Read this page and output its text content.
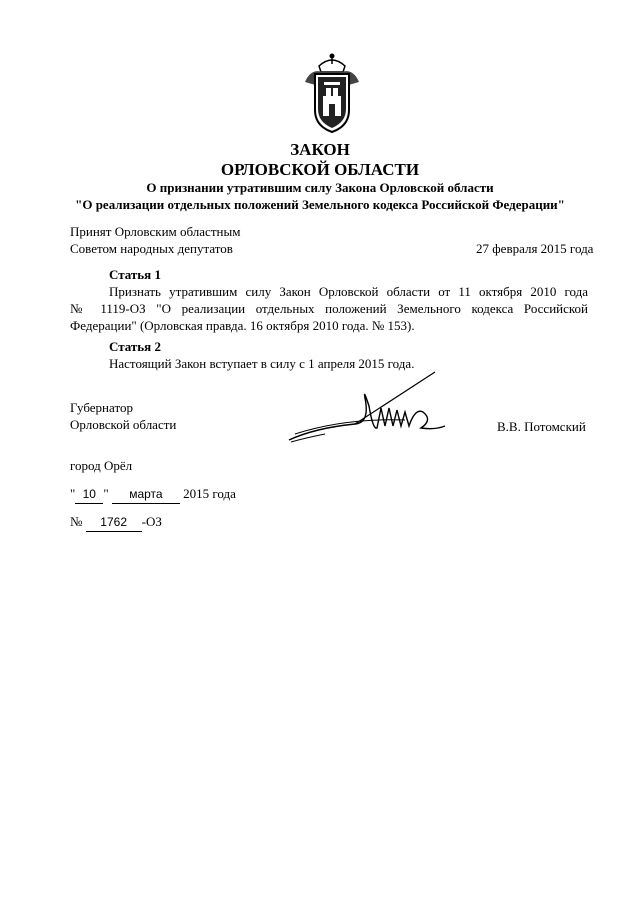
ЗАКОН
ОРЛОВСКОЙ ОБЛАСТИ
О признании утратившим силу Закона Орловской области
"О реализации отдельных положений Земельного кодекса Российской Федерации"
Принят Орловским областным
Советом народных депутатов	27 февраля 2015 года
Статья 1
Признать утратившим силу Закон Орловской области от 11 октября 2010 года
№ 1119-ОЗ "О реализации отдельных положений Земельного кодекса Российской
Федерации" (Орловская правда. 16 октября 2010 года. № 153).
Статья 2
Настоящий Закон вступает в силу с 1 апреля 2015 года.
Губернатор
Орловской области	В.В. Потомский
город Орёл
" 10 " марта 2015 года
№ 1762 -ОЗ
